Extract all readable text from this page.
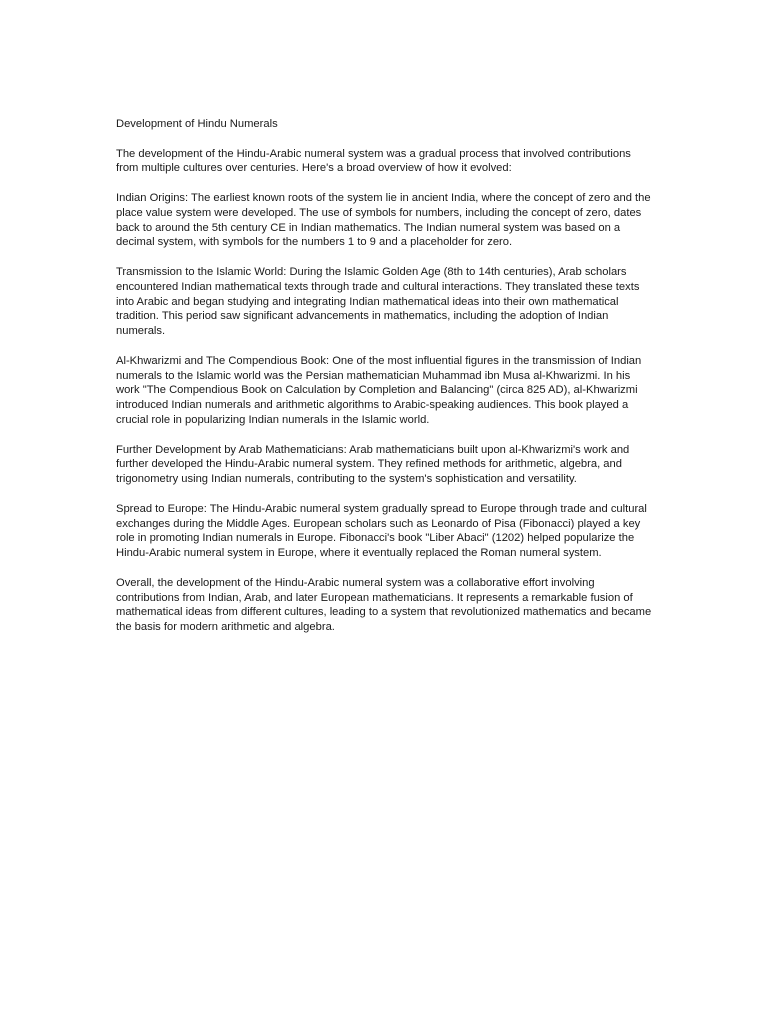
Development of Hindu Numerals

The development of the Hindu-Arabic numeral system was a gradual process that involved contributions from multiple cultures over centuries. Here's a broad overview of how it evolved:

Indian Origins: The earliest known roots of the system lie in ancient India, where the concept of zero and the place value system were developed. The use of symbols for numbers, including the concept of zero, dates back to around the 5th century CE in Indian mathematics. The Indian numeral system was based on a decimal system, with symbols for the numbers 1 to 9 and a placeholder for zero.

Transmission to the Islamic World: During the Islamic Golden Age (8th to 14th centuries), Arab scholars encountered Indian mathematical texts through trade and cultural interactions. They translated these texts into Arabic and began studying and integrating Indian mathematical ideas into their own mathematical tradition. This period saw significant advancements in mathematics, including the adoption of Indian numerals.

Al-Khwarizmi and The Compendious Book: One of the most influential figures in the transmission of Indian numerals to the Islamic world was the Persian mathematician Muhammad ibn Musa al-Khwarizmi. In his work "The Compendious Book on Calculation by Completion and Balancing" (circa 825 AD), al-Khwarizmi introduced Indian numerals and arithmetic algorithms to Arabic-speaking audiences. This book played a crucial role in popularizing Indian numerals in the Islamic world.

Further Development by Arab Mathematicians: Arab mathematicians built upon al-Khwarizmi's work and further developed the Hindu-Arabic numeral system. They refined methods for arithmetic, algebra, and trigonometry using Indian numerals, contributing to the system's sophistication and versatility.

Spread to Europe: The Hindu-Arabic numeral system gradually spread to Europe through trade and cultural exchanges during the Middle Ages. European scholars such as Leonardo of Pisa (Fibonacci) played a key role in promoting Indian numerals in Europe. Fibonacci's book "Liber Abaci" (1202) helped popularize the Hindu-Arabic numeral system in Europe, where it eventually replaced the Roman numeral system.

Overall, the development of the Hindu-Arabic numeral system was a collaborative effort involving contributions from Indian, Arab, and later European mathematicians. It represents a remarkable fusion of mathematical ideas from different cultures, leading to a system that revolutionized mathematics and became the basis for modern arithmetic and algebra.
